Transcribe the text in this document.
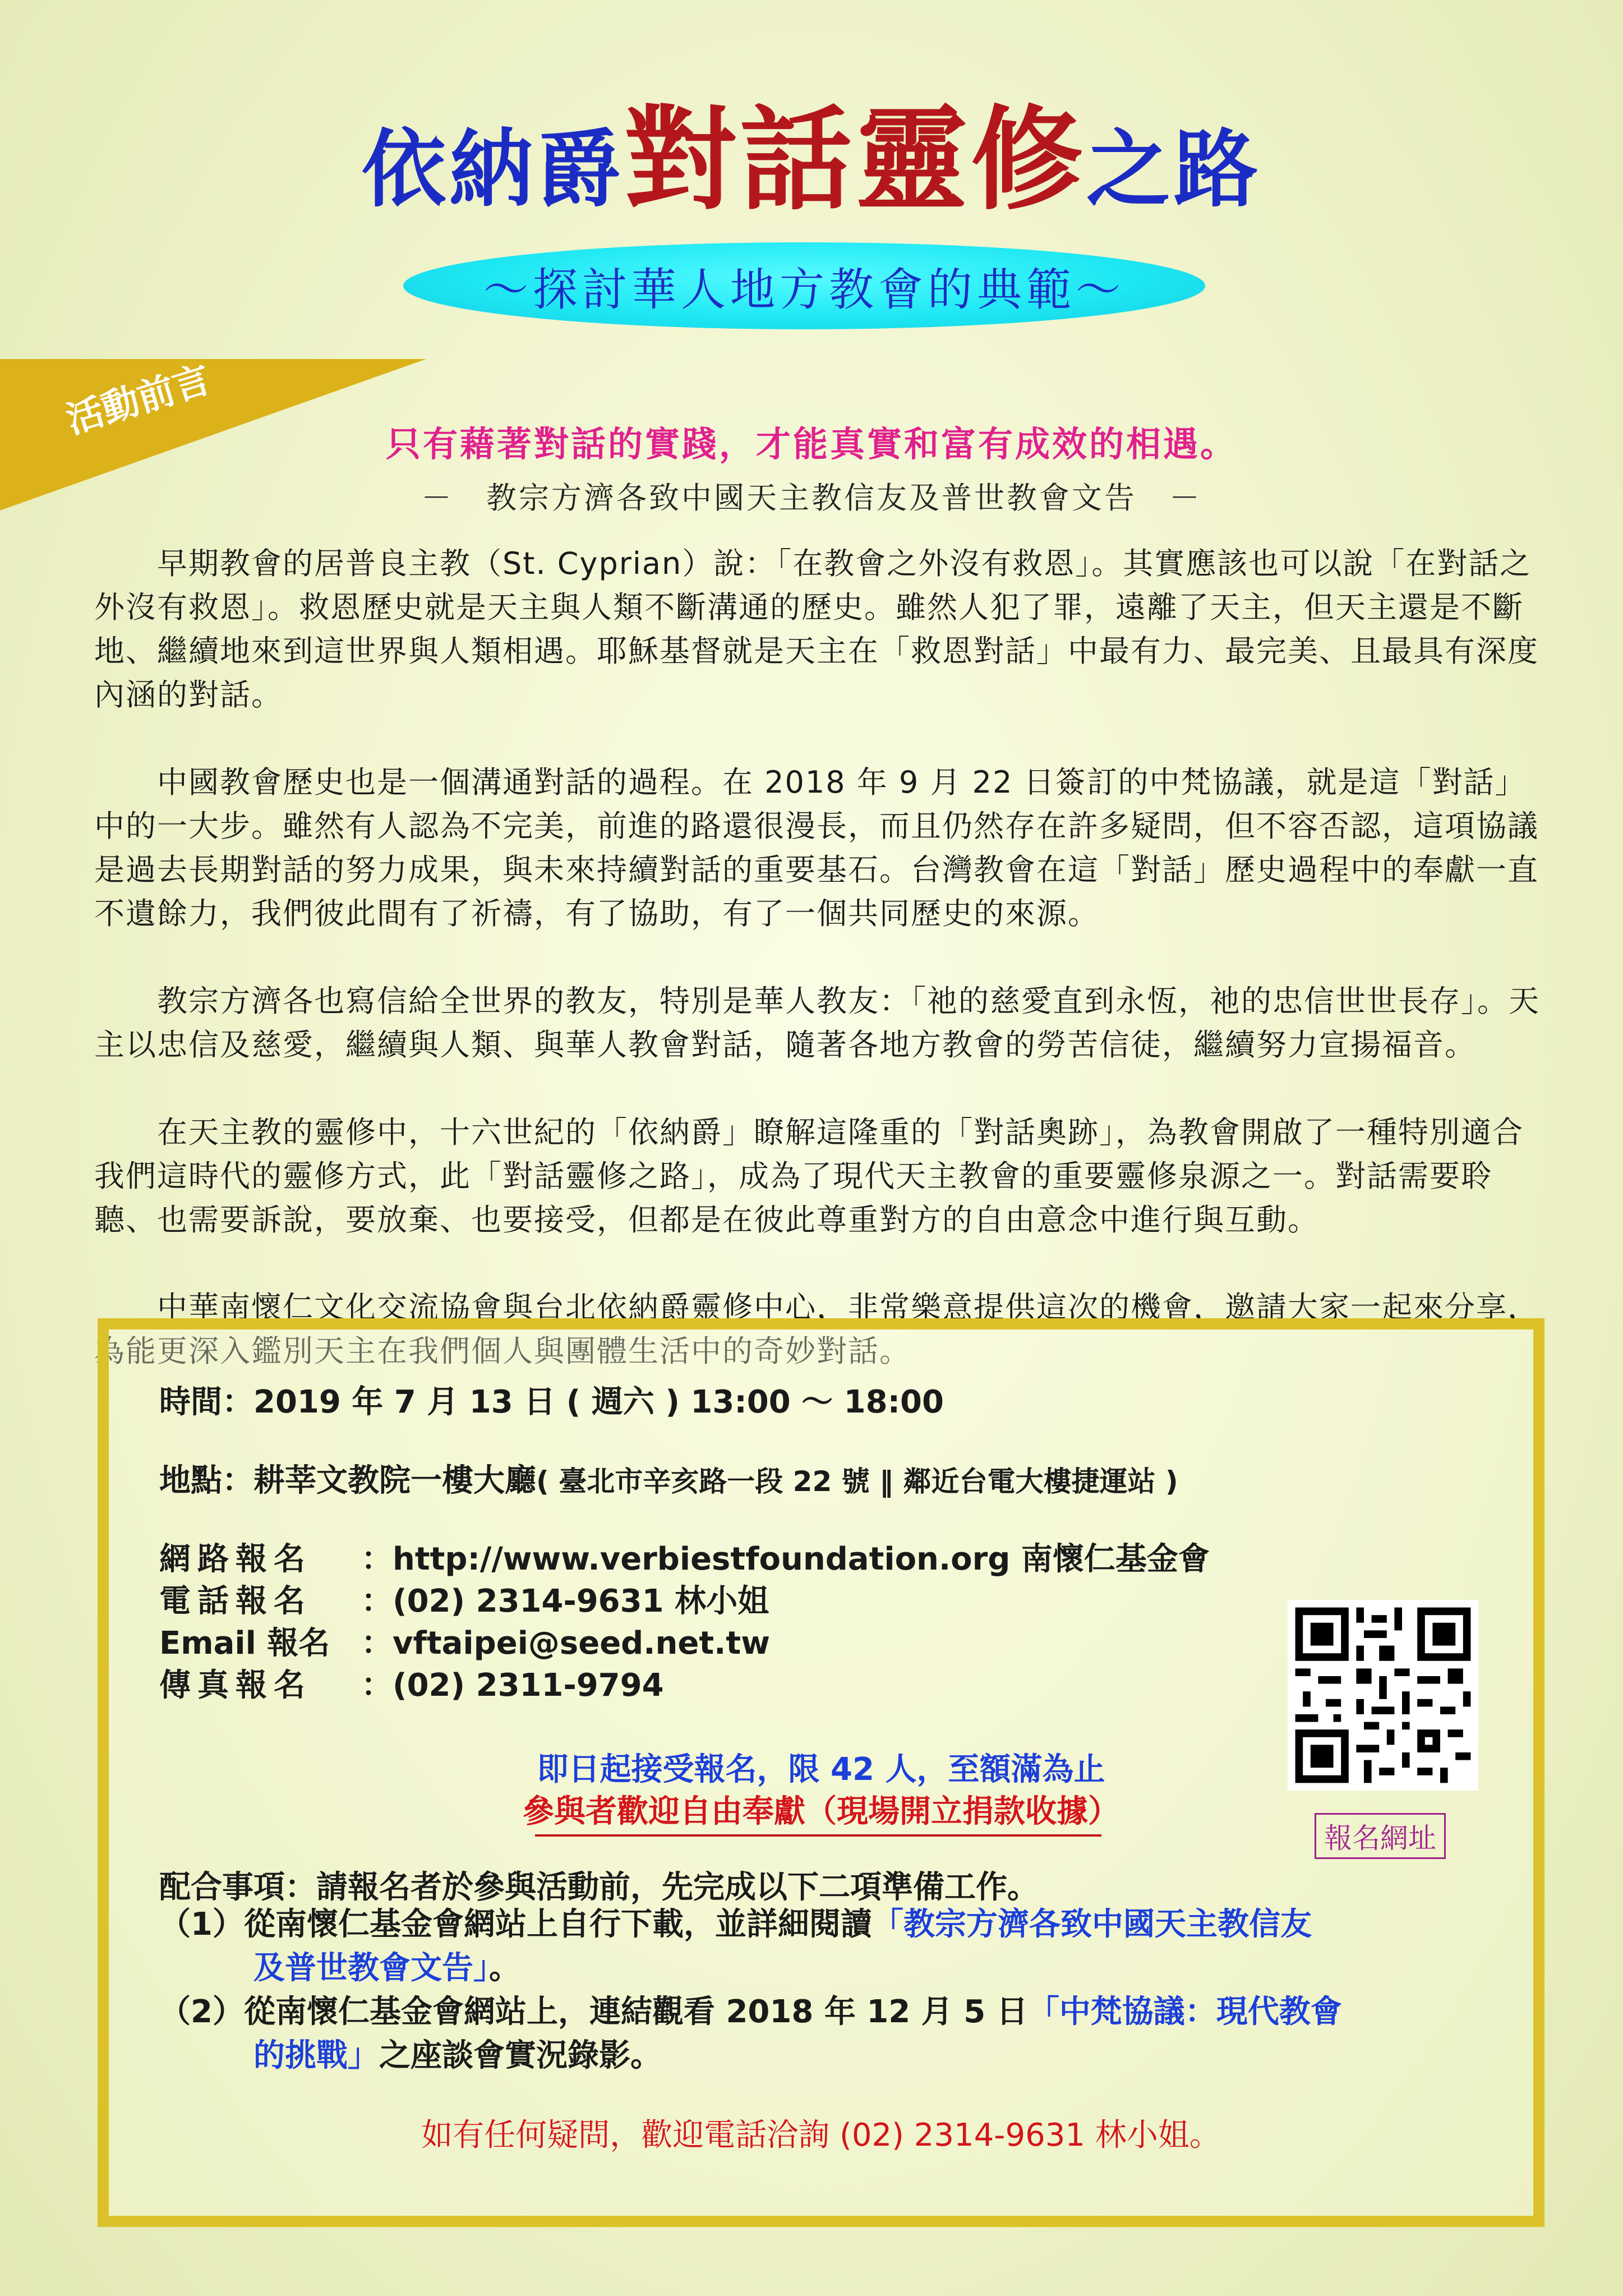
依納爵對話靈修之路
～探討華人地方教會的典範～
活動前言
只有藉著對話的實踐，才能真實和富有成效的相遇。
－　教宗方濟各致中國天主教信友及普世教會文告　－

早期教會的居普良主教（St. Cyprian）說：「在教會之外沒有救恩」。其實應該也可以說「在對話之外沒有救恩」。救恩歷史就是天主與人類不斷溝通的歷史。雖然人犯了罪，遠離了天主，但天主還是不斷地、繼續地來到這世界與人類相遇。耶穌基督就是天主在「救恩對話」中最有力、最完美、且最具有深度內涵的對話。

中國教會歷史也是一個溝通對話的過程。在 2018 年 9 月 22 日簽訂的中梵協議，就是這「對話」中的一大步。雖然有人認為不完美，前進的路還很漫長，而且仍然存在許多疑問，但不容否認，這項協議是過去長期對話的努力成果，與未來持續對話的重要基石。台灣教會在這「對話」歷史過程中的奉獻一直不遺餘力，我們彼此間有了祈禱，有了協助，有了一個共同歷史的來源。

教宗方濟各也寫信給全世界的教友，特別是華人教友：「祂的慈愛直到永恆，祂的忠信世世長存」。天主以忠信及慈愛，繼續與人類、與華人教會對話，隨著各地方教會的勞苦信徒，繼續努力宣揚福音。

在天主教的靈修中，十六世紀的「依納爵」瞭解這隆重的「對話奧跡」，為教會開啟了一種特別適合我們這時代的靈修方式，此「對話靈修之路」，成為了現代天主教會的重要靈修泉源之一。對話需要聆聽、也需要訴說，要放棄、也要接受，但都是在彼此尊重對方的自由意念中進行與互動。

中華南懷仁文化交流協會與台北依納爵靈修中心，非常樂意提供這次的機會，邀請大家一起來分享，為能更深入鑑別天主在我們個人與團體生活中的奇妙對話。

時間：2019 年 7 月 13 日 ( 週六 ) 13:00 ～ 18:00
地點：耕莘文教院一樓大廳( 臺北市辛亥路一段 22 號 ‖ 鄰近台電大樓捷運站 )
網路報名 ：http://www.verbiestfoundation.org 南懷仁基金會
電話報名 ：(02) 2314-9631 林小姐
Email 報名 ：vftaipei@seed.net.tw
傳真報名 ：(02) 2311-9794
報名網址
即日起接受報名，限 42 人，至額滿為止
參與者歡迎自由奉獻（現場開立捐款收據）
配合事項：請報名者於參與活動前，先完成以下二項準備工作。
（1）從南懷仁基金會網站上自行下載，並詳細閱讀「教宗方濟各致中國天主教信友
及普世教會文告」。
（2）從南懷仁基金會網站上，連結觀看 2018 年 12 月 5 日「中梵協議：現代教會
的挑戰」之座談會實況錄影。
如有任何疑問，歡迎電話洽詢 (02) 2314-9631 林小姐。
